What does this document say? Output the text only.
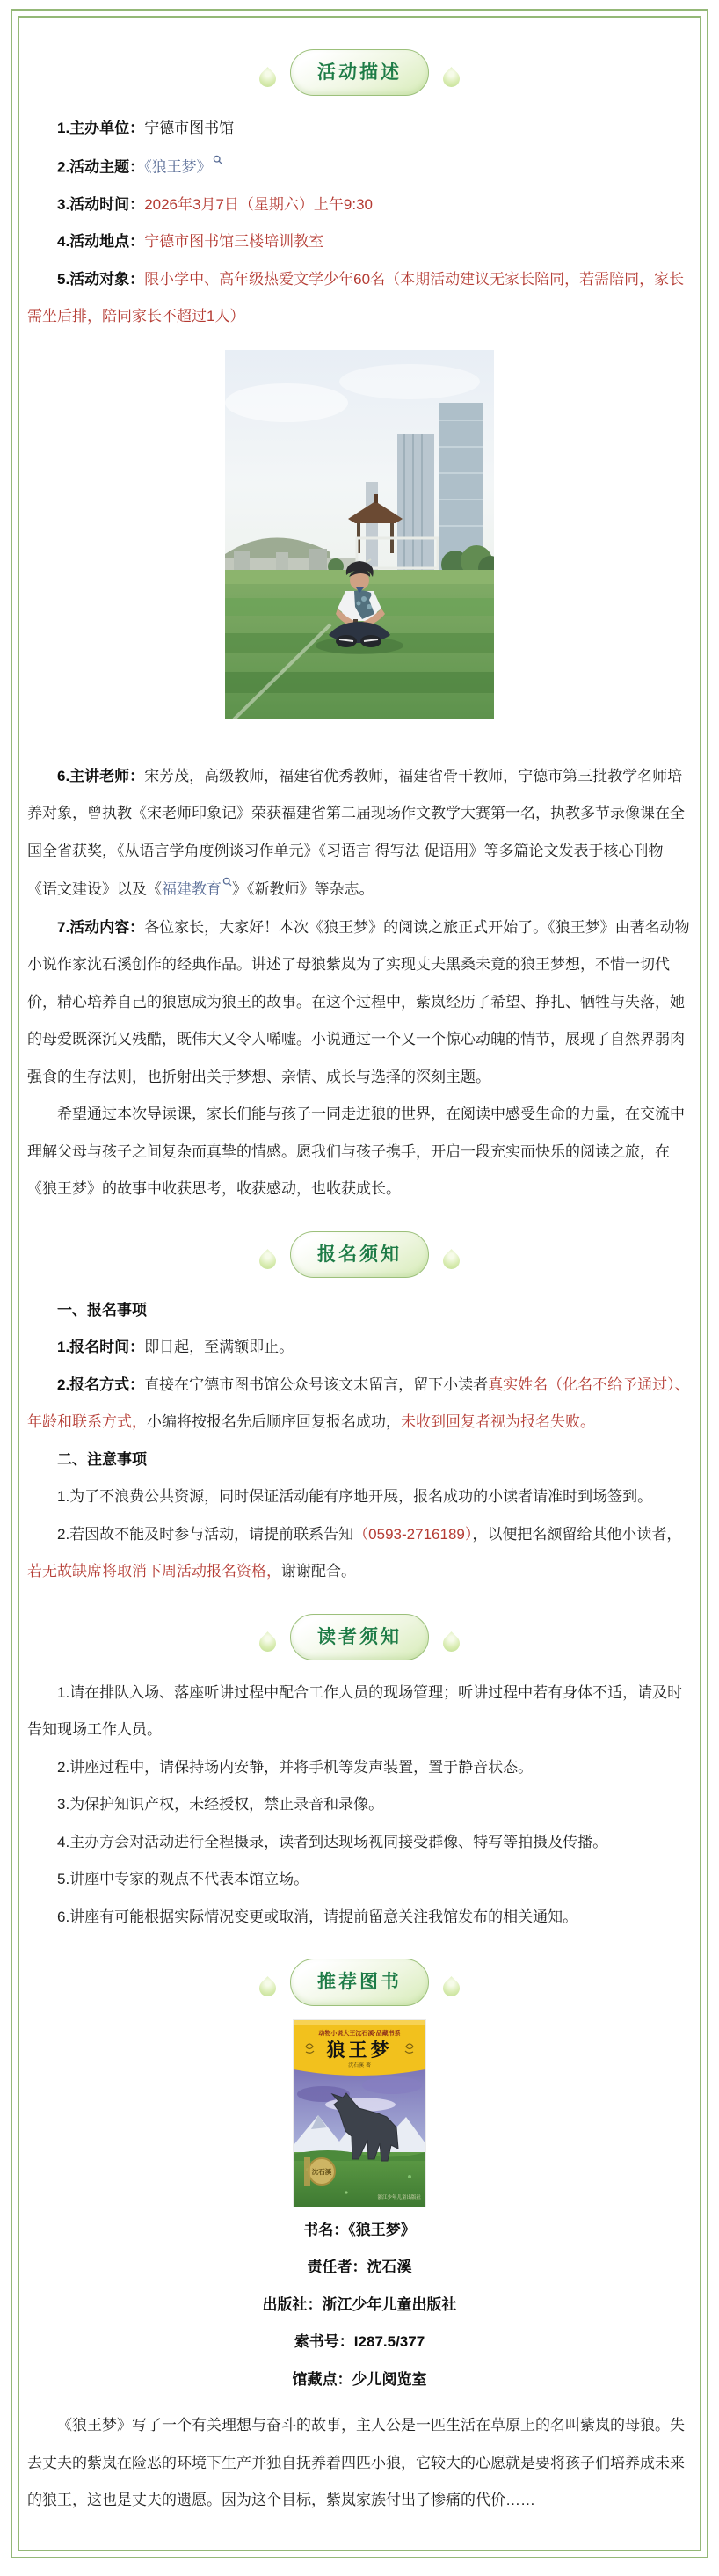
活动描述

1.主办单位：宁德市图书馆

2.活动主题：《狼王梦》

3.活动时间：2026年3月7日（星期六）上午9:30

4.活动地点：宁德市图书馆三楼培训教室

5.活动对象：限小学中、高年级热爱文学少年60名（本期活动建议无家长陪同，若需陪同，家长需坐后排，陪同家长不超过1人）

6.主讲老师：宋芳茂，高级教师，福建省优秀教师，福建省骨干教师，宁德市第三批教学名师培养对象，曾执教《宋老师印象记》荣获福建省第二届现场作文教学大赛第一名，执教多节录像课在全国全省获奖，《从语言学角度例谈习作单元》《习语言 得写法 促语用》等多篇论文发表于核心刊物《语文建设》以及《福建教育 》《新教师》等杂志。

7.活动内容：各位家长，大家好！本次《狼王梦》的阅读之旅正式开始了。《狼王梦》由著名动物小说作家沈石溪创作的经典作品。讲述了母狼紫岚为了实现丈夫黑桑未竟的狼王梦想，不惜一切代价，精心培养自己的狼崽成为狼王的故事。在这个过程中，紫岚经历了希望、挣扎、牺牲与失落，她的母爱既深沉又残酷，既伟大又令人唏嘘。小说通过一个又一个惊心动魄的情节，展现了自然界弱肉强食的生存法则，也折射出关于梦想、亲情、成长与选择的深刻主题。

希望通过本次导读课，家长们能与孩子一同走进狼的世界，在阅读中感受生命的力量，在交流中理解父母与孩子之间复杂而真挚的情感。愿我们与孩子携手，开启一段充实而快乐的阅读之旅，在《狼王梦》的故事中收获思考，收获感动，也收获成长。

报名须知

一、报名事项

1.报名时间：即日起，至满额即止。

2.报名方式：直接在宁德市图书馆公众号该文末留言，留下小读者真实姓名（化名不给予通过）、年龄和联系方式，小编将按报名先后顺序回复报名成功，未收到回复者视为报名失败。

二、注意事项

1.为了不浪费公共资源，同时保证活动能有序地开展，报名成功的小读者请准时到场签到。

2.若因故不能及时参与活动，请提前联系告知（0593-2716189），以便把名额留给其他小读者，若无故缺席将取消下周活动报名资格，谢谢配合。

读者须知

1.请在排队入场、落座听讲过程中配合工作人员的现场管理；听讲过程中若有身体不适，请及时告知现场工作人员。

2.讲座过程中，请保持场内安静，并将手机等发声装置，置于静音状态。

3.为保护知识产权，未经授权，禁止录音和录像。

4.主办方会对活动进行全程摄录，读者到达现场视同接受群像、特写等拍摄及传播。

5.讲座中专家的观点不代表本馆立场。

6.讲座有可能根据实际情况变更或取消，请提前留意关注我馆发布的相关通知。

推荐图书
动物小说大王沈石溪·品藏书系
狼王梦
沈石溪 著
沈石溪
浙江少年儿童出版社

书名：《狼王梦》

责任者：沈石溪

出版社：浙江少年儿童出版社

索书号：I287.5/377

馆藏点：少儿阅览室

《狼王梦》写了一个有关理想与奋斗的故事，主人公是一匹生活在草原上的名叫紫岚的母狼。失去丈夫的紫岚在险恶的环境下生产并独自抚养着四匹小狼，它较大的心愿就是要将孩子们培养成未来的狼王，这也是丈夫的遗愿。因为这个目标，紫岚家族付出了惨痛的代价……
